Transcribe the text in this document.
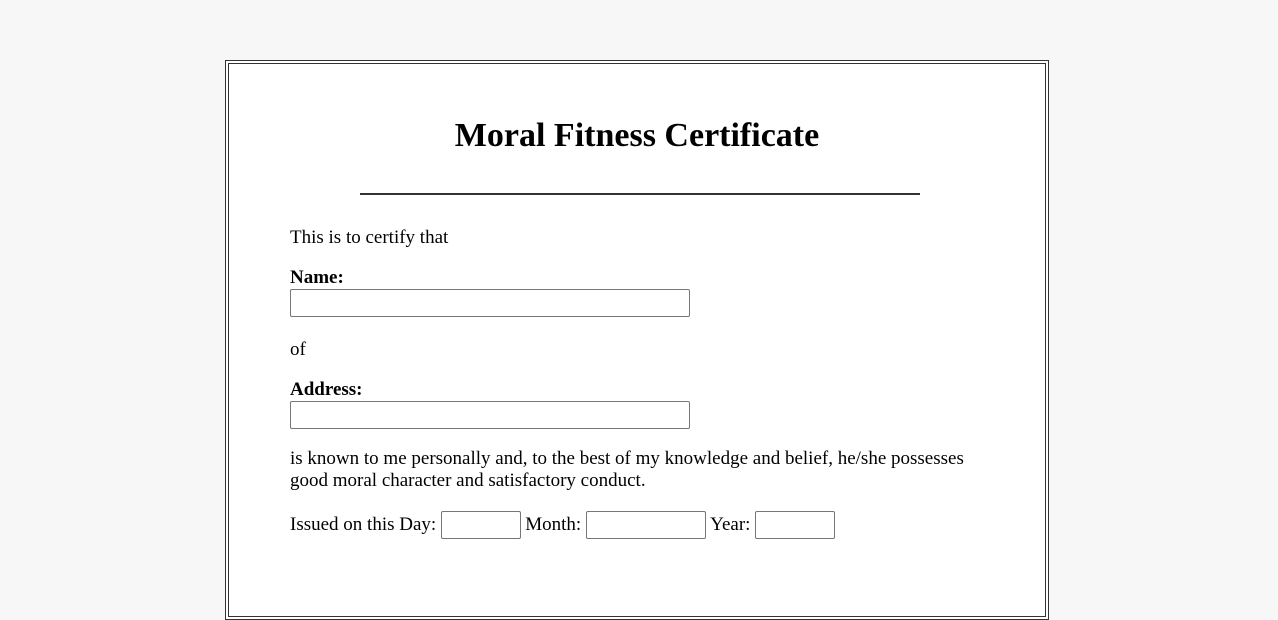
Moral Fitness Certificate

This is to certify that

Name:

of

Address:

is known to me personally and, to the best of my knowledge and belief, he/she possesses good moral character and satisfactory conduct.

Issued on this Day:	Month:	Year:
